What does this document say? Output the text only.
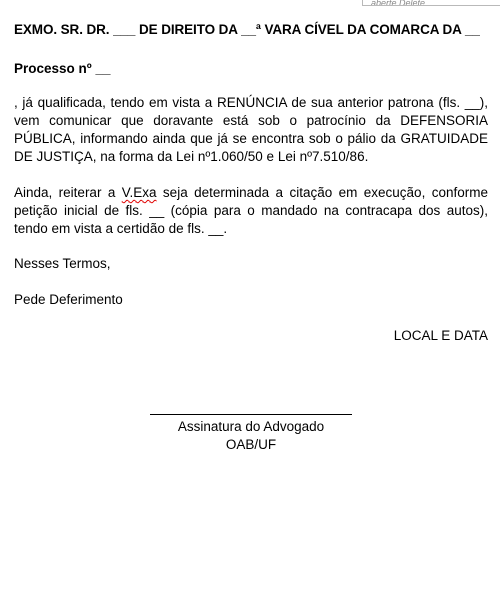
aberte Delete
EXMO. SR. DR. ___ DE DIREITO DA __ª VARA CÍVEL DA COMARCA DA __
Processo nº __

, já qualificada, tendo em vista a RENÚNCIA de sua anterior patrona (fls. __), vem comunicar que doravante está sob o patrocínio da DEFENSORIA PÚBLICA, informando ainda que já se encontra sob o pálio da GRATUIDADE DE JUSTIÇA, na forma da Lei nº1.060/50 e Lei nº7.510/86.

Ainda, reiterar a V.Exa seja determinada a citação em execução, conforme petição inicial de fls. __ (cópia para o mandado na contracapa dos autos), tendo em vista a certidão de fls. __.

Nesses Termos,
Pede Deferimento
LOCAL E DATA
Assinatura do Advogado
OAB/UF
